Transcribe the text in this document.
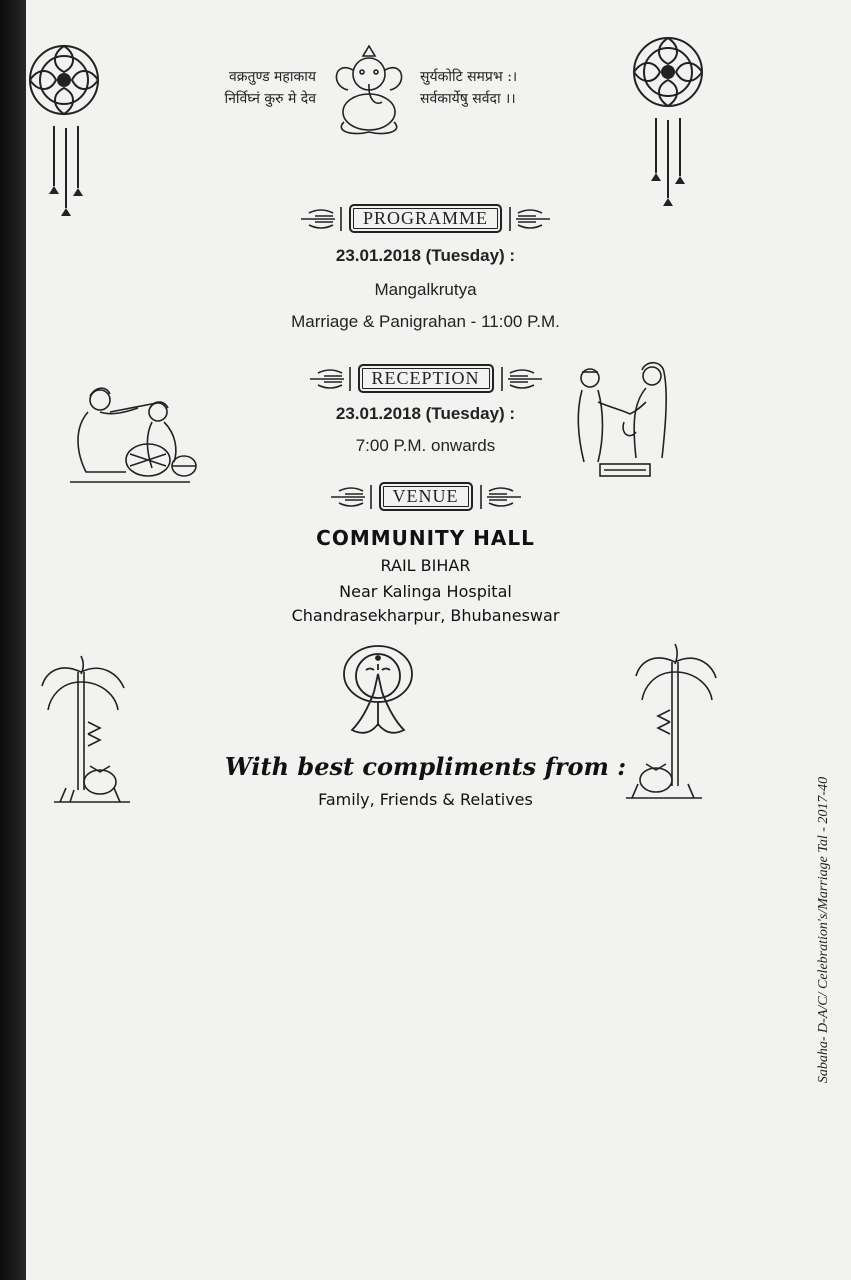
वक्रतुण्ड महाकाय
निर्विघ्नं कुरु मे देव
सुर्यकोटि समप्रभ :।
सर्वकार्येषु सर्वदा ।।
PROGRAMME
23.01.2018 (Tuesday) :
Mangalkrutya
Marriage & Panigrahan - 11:00 P.M.
RECEPTION
23.01.2018 (Tuesday) :
7:00 P.M. onwards
VENUE
COMMUNITY HALL
RAIL BIHAR
Near Kalinga Hospital
Chandrasekharpur, Bhubaneswar
With best compliments from :
Family, Friends & Relatives	Sabaha- D-A/C/ Celebration's/Marriage Tal - 2017-40
